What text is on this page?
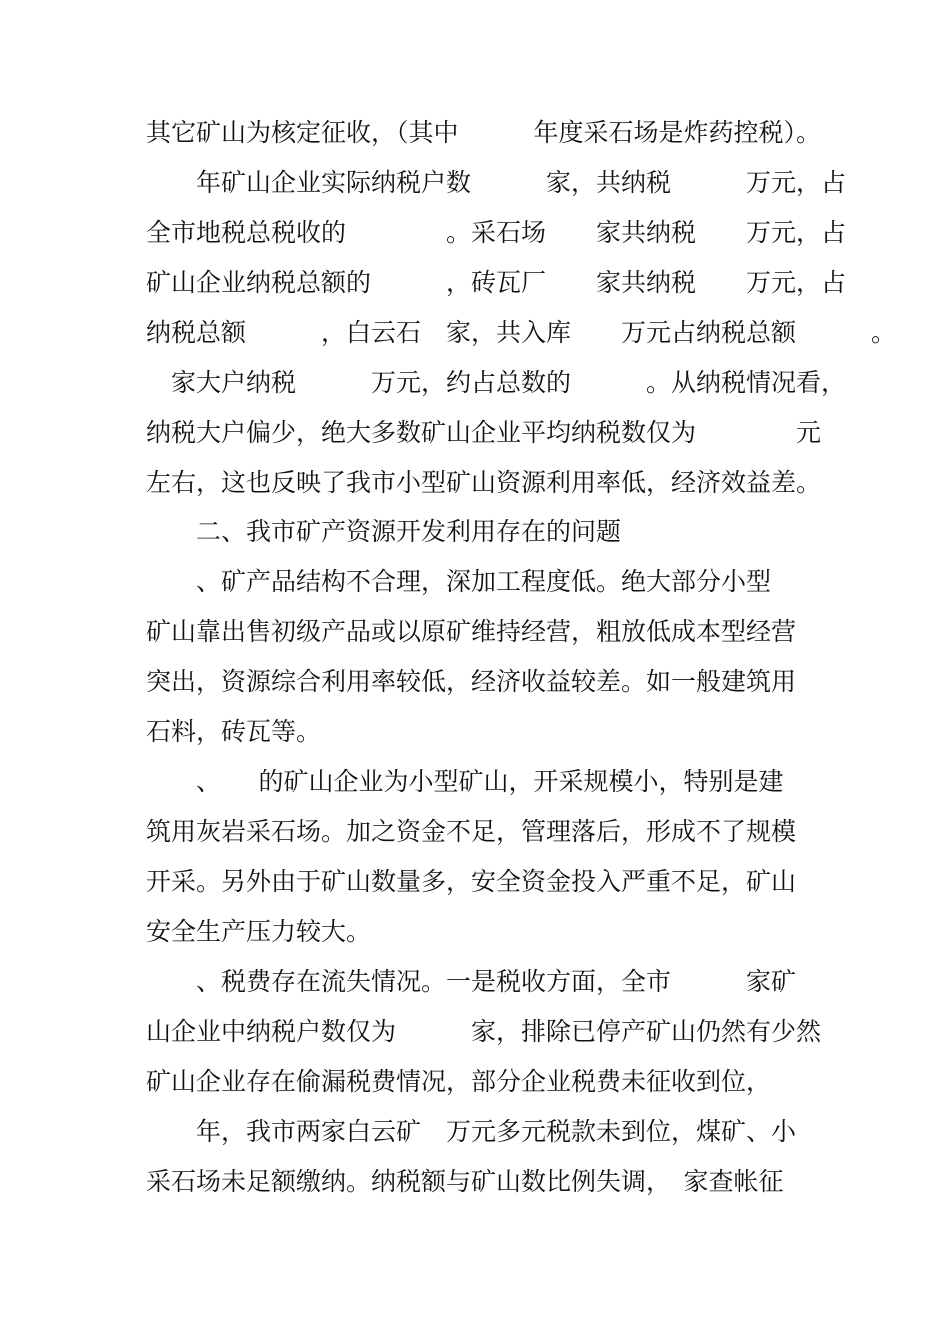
其它矿山为核定征收，（其中　　　年度采石场是炸药控税）。
　　年矿山企业实际纳税户数　　　家，共纳税　　　万元，占
全市地税总税收的　　　　。采石场　　家共纳税　　万元，占
矿山企业纳税总额的　　　，砖瓦厂　　家共纳税　　万元，占
纳税总额　　　，白云石　家，共入库　　万元占纳税总额　　　。
　家大户纳税　　　万元，约占总数的　　　。从纳税情况看，
纳税大户偏少，绝大多数矿山企业平均纳税数仅为　　　　元
左右，这也反映了我市小型矿山资源利用率低，经济效益差。
　　二、我市矿产资源开发利用存在的问题
　　、矿产品结构不合理，深加工程度低。绝大部分小型
矿山靠出售初级产品或以原矿维持经营，粗放低成本型经营
突出，资源综合利用率较低，经济收益较差。如一般建筑用
石料，砖瓦等。
　　、　　的矿山企业为小型矿山，开采规模小，特别是建
筑用灰岩采石场。加之资金不足，管理落后，形成不了规模
开采。另外由于矿山数量多，安全资金投入严重不足，矿山
安全生产压力较大。
　　、税费存在流失情况。一是税收方面，全市　　　家矿
山企业中纳税户数仅为　　　家，排除已停产矿山仍然有少然
矿山企业存在偷漏税费情况，部分企业税费未征收到位，
　　年，我市两家白云矿　万元多元税款未到位，煤矿、小
采石场未足额缴纳。纳税额与矿山数比例失调，　家查帐征
